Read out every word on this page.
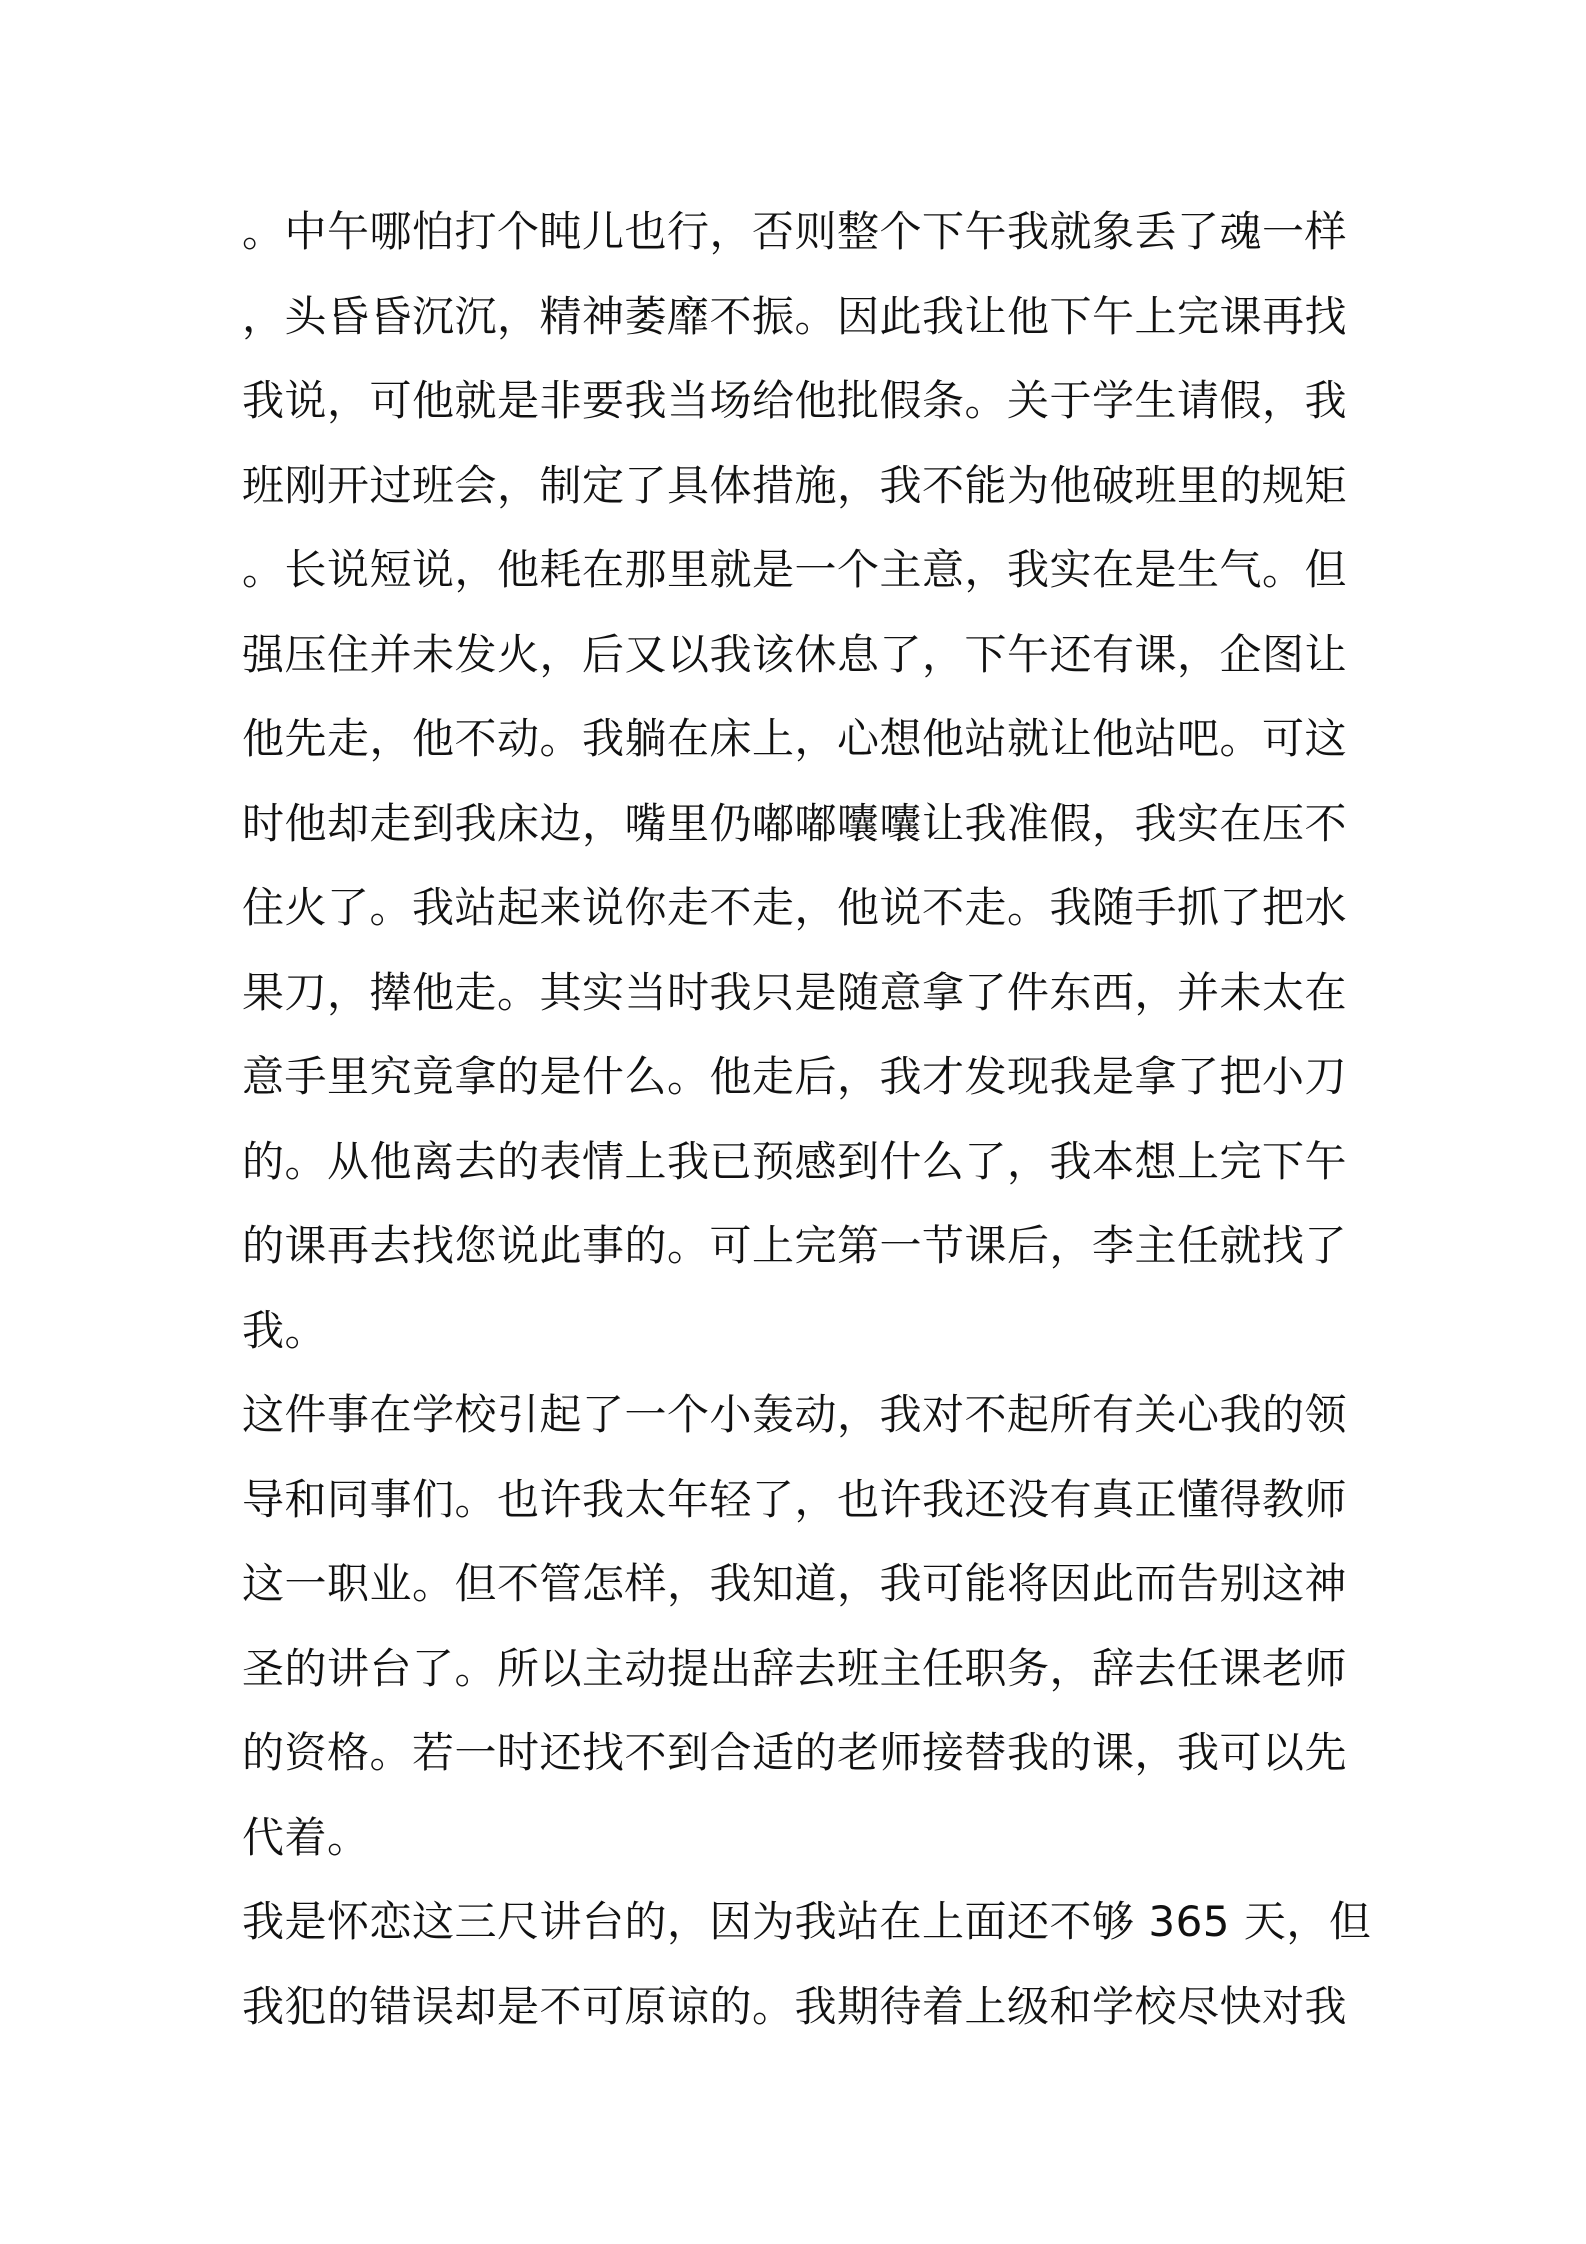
。中午哪怕打个盹儿也行，否则整个下午我就象丢了魂一样
，头昏昏沉沉，精神萎靡不振。因此我让他下午上完课再找
我说，可他就是非要我当场给他批假条。关于学生请假，我
班刚开过班会，制定了具体措施，我不能为他破班里的规矩
。长说短说，他耗在那里就是一个主意，我实在是生气。但
强压住并未发火，后又以我该休息了，下午还有课，企图让
他先走，他不动。我躺在床上，心想他站就让他站吧。可这
时他却走到我床边，嘴里仍嘟嘟囔囔让我准假，我实在压不
住火了。我站起来说你走不走，他说不走。我随手抓了把水
果刀，撵他走。其实当时我只是随意拿了件东西，并未太在
意手里究竟拿的是什么。他走后，我才发现我是拿了把小刀
的。从他离去的表情上我已预感到什么了，我本想上完下午
的课再去找您说此事的。可上完第一节课后，李主任就找了
我。
这件事在学校引起了一个小轰动，我对不起所有关心我的领
导和同事们。也许我太年轻了，也许我还没有真正懂得教师
这一职业。但不管怎样，我知道，我可能将因此而告别这神
圣的讲台了。所以主动提出辞去班主任职务，辞去任课老师
的资格。若一时还找不到合适的老师接替我的课，我可以先
代着。
我是怀恋这三尺讲台的，因为我站在上面还不够 365 天，但
我犯的错误却是不可原谅的。我期待着上级和学校尽快对我
